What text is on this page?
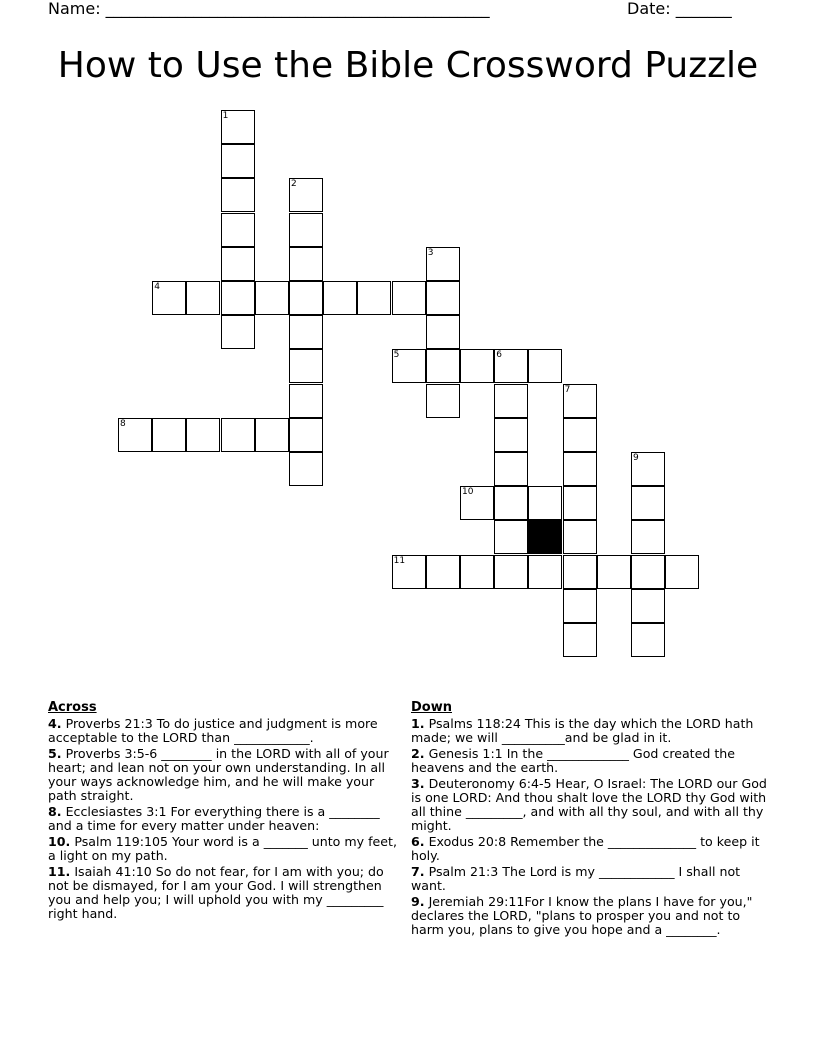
Name: ________________________________________________	Date: _______
How to Use the Bible Crossword Puzzle
4
5	6
8
10
11
1
2
3
7
9
Across
4. Proverbs 21:3 To do justice and judgment is more acceptable to the LORD than ____________.
5. Proverbs 3:5-6 ________ in the LORD with all of your heart; and lean not on your own understanding. In all your ways acknowledge him, and he will make your path straight.
8. Ecclesiastes 3:1 For everything there is a ________ and a time for every matter under heaven:
10. Psalm 119:105 Your word is a _______ unto my feet, a light on my path.
11. Isaiah 41:10 So do not fear, for I am with you; do not be dismayed, for I am your God. I will strengthen you and help you; I will uphold you with my _________ right hand.
Down
1. Psalms 118:24 This is the day which the LORD hath made; we will __________and be glad in it.
2. Genesis 1:1 In the _____________ God created the heavens and the earth.
3. Deuteronomy 6:4-5 Hear, O Israel: The LORD our God is one LORD: And thou shalt love the LORD thy God with all thine _________, and with all thy soul, and with all thy might.
6. Exodus 20:8 Remember the ______________ to keep it holy.
7. Psalm 21:3 The Lord is my ____________ I shall not want.
9. Jeremiah 29:11For I know the plans I have for you," declares the LORD, "plans to prosper you and not to harm you, plans to give you hope and a ________.
